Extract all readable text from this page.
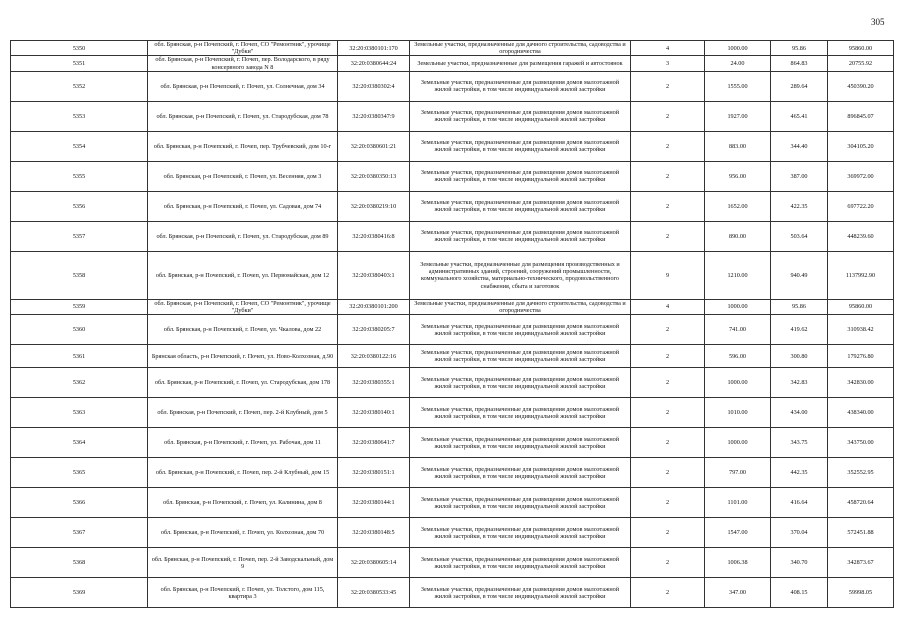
305
5350	обл. Брянская, р-н Почепский, г. Почеп, СО "Ремонтник", урочище "Дубки"	32:20:0380101:170	Земельные участки, предназначенные для дачного строительства, садоводства и огородничества	4	1000.00	95.86	95860.00
5351	обл. Брянская, р-н Почепский, г. Почеп, пер. Володарского, в ряду консервного завода N 8	32:20:0380644:24	Земельные участки, предназначенные для размещения гаражей и автостоянок	3	24.00	864.83	20755.92
5352	обл. Брянская, р-н Почепский, г. Почеп, ул. Солнечная, дом 34	32:20:0380302:4	Земельные участки, предназначенные для размещения домов малоэтажной жилой застройки, в том числе индивидуальной жилой застройки	2	1555.00	289.64	450390.20
5353	обл. Брянская, р-н Почепский, г. Почеп, ул. Стародубская, дом 78	32:20:0380347:9	Земельные участки, предназначенные для размещения домов малоэтажной жилой застройки, в том числе индивидуальной жилой застройки	2	1927.00	465.41	896845.07
5354	обл. Брянская, р-н Почепский, г. Почеп, пер. Трубчевский, дом 10-г	32:20:0380601:21	Земельные участки, предназначенные для размещения домов малоэтажной жилой застройки, в том числе индивидуальной жилой застройки	2	883.00	344.40	304105.20
5355	обл. Брянская, р-н Почепский, г. Почеп, ул. Весенняя, дом 3	32:20:0380350:13	Земельные участки, предназначенные для размещения домов малоэтажной жилой застройки, в том числе индивидуальной жилой застройки	2	956.00	387.00	369972.00
5356	обл. Брянская, р-н Почепский, г. Почеп, ул. Садовая, дом 74	32:20:0380219:10	Земельные участки, предназначенные для размещения домов малоэтажной жилой застройки, в том числе индивидуальной жилой застройки	2	1652.00	422.35	697722.20
5357	обл. Брянская, р-н Почепский, г. Почеп, ул. Стародубская, дом 89	32:20:0380416:8	Земельные участки, предназначенные для размещения домов малоэтажной жилой застройки, в том числе индивидуальной жилой застройки	2	890.00	503.64	448239.60
5358	обл. Брянская, р-н Почепский, г. Почеп, ул. Первомайская, дом 12	32:20:0380403:1	Земельные участки, предназначенные для размещения производственных и административных зданий, строений, сооружений промышленности, коммунального хозяйства, материально-технического, продовольственного снабжения, сбыта и заготовок	9	1210.00	940.49	1137992.90
5359	обл. Брянская, р-н Почепский, г. Почеп, СО "Ремонтник", урочище "Дубки"	32:20:0380101:200	Земельные участки, предназначенные для дачного строительства, садоводства и огородничества	4	1000.00	95.86	95860.00
5360	обл. Брянская, р-н Почепский, г. Почеп, ул. Чкалова, дом 22	32:20:0380205:7	Земельные участки, предназначенные для размещения домов малоэтажной жилой застройки, в том числе индивидуальной жилой застройки	2	741.00	419.62	310938.42
5361	Брянская область, р-н Почепский, г. Почеп, ул. Ново-Колхозная, д.90	32:20:0380122:16	Земельные участки, предназначенные для размещения домов малоэтажной жилой застройки, в том числе индивидуальной жилой застройки	2	596.00	300.80	179276.80
5362	обл. Брянская, р-н Почепский, г. Почеп, ул. Стародубская, дом 178	32:20:0380355:1	Земельные участки, предназначенные для размещения домов малоэтажной жилой застройки, в том числе индивидуальной жилой застройки	2	1000.00	342.83	342830.00
5363	обл. Брянская, р-н Почепский, г. Почеп, пер. 2-й Клубный, дом 5	32:20:0380140:1	Земельные участки, предназначенные для размещения домов малоэтажной жилой застройки, в том числе индивидуальной жилой застройки	2	1010.00	434.00	438340.00
5364	обл. Брянская, р-н Почепский, г. Почеп, ул. Рабочая, дом 11	32:20:0380641:7	Земельные участки, предназначенные для размещения домов малоэтажной жилой застройки, в том числе индивидуальной жилой застройки	2	1000.00	343.75	343750.00
5365	обл. Брянская, р-н Почепский, г. Почеп, пер. 2-й Клубный, дом 15	32:20:0380151:1	Земельные участки, предназначенные для размещения домов малоэтажной жилой застройки, в том числе индивидуальной жилой застройки	2	797.00	442.35	352552.95
5366	обл. Брянская, р-н Почепский, г. Почеп, ул. Калинина, дом 8	32:20:0380144:1	Земельные участки, предназначенные для размещения домов малоэтажной жилой застройки, в том числе индивидуальной жилой застройки	2	1101.00	416.64	458720.64
5367	обл. Брянская, р-н Почепский, г. Почеп, ул. Колхозная, дом 70	32:20:0380148:5	Земельные участки, предназначенные для размещения домов малоэтажной жилой застройки, в том числе индивидуальной жилой застройки	2	1547.00	370.04	572451.88
5368	обл. Брянская, р-н Почепский, г. Почеп, пер. 2-й Заводскальный, дом 9	32:20:0380605:14	Земельные участки, предназначенные для размещения домов малоэтажной жилой застройки, в том числе индивидуальной жилой застройки	2	1006.38	340.70	342873.67
5369	обл. Брянская, р-н Почепский, г. Почеп, ул. Толстого, дом 115, квартира 3	32:20:0380533:45	Земельные участки, предназначенные для размещения домов малоэтажной жилой застройки, в том числе индивидуальной жилой застройки	2	347.00	408.15	59998.05
